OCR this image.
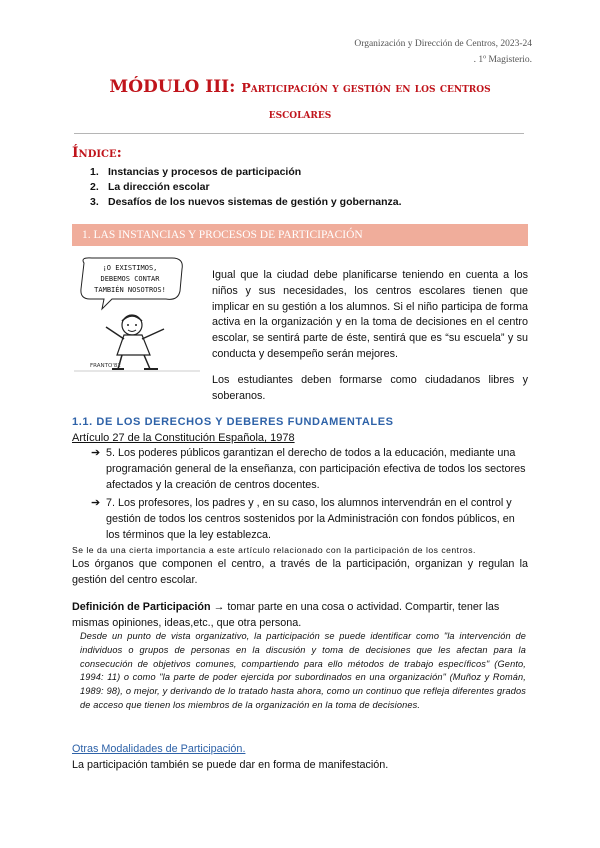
Organización y Dirección de Centros, 2023-24
. 1º Magisterio.
MÓDULO III: Participación y gestión en los centros
escolares
Índice:
1. Instancias y procesos de participación
2. La dirección escolar
3. Desafíos de los nuevos sistemas de gestión y gobernanza.
1. LAS INSTANCIAS Y PROCESOS DE PARTICIPACIÓN
¡O EXISTIMOS,
DEBEMOS CONTAR
TAMBIÉN NOSOTROS!
FRANTO'82

Igual que la ciudad debe planificarse teniendo en cuenta a los niños y sus necesidades, los centros escolares tienen que implicar en su gestión a los alumnos. Si el niño participa de forma activa en la organización y en la toma de decisiones en el centro escolar, se sentirá parte de éste, sentirá que es “su escuela” y su conducta y desempeño serán mejores.

Los estudiantes deben formarse como ciudadanos libres y soberanos.

1.1. DE LOS DERECHOS Y DEBERES FUNDAMENTALES
Artículo 27 de la Constitución Española, 1978
➔ 5. Los poderes públicos garantizan el derecho de todos a la educación, mediante una programación general de la enseñanza, con participación efectiva de todos los sectores afectados y la creación de centros docentes.
➔ 7. Los profesores, los padres y , en su caso, los alumnos intervendrán en el control y gestión de todos los centros sostenidos por la Administración con fondos públicos, en los términos que la ley establezca.
Se le da una cierta importancia a este artículo relacionado con la participación de los centros.
Los órganos que componen el centro, a través de la participación, organizan y regulan la gestión del centro escolar.
Definición de Participación → tomar parte en una cosa o actividad. Compartir, tener las mismas opiniones, ideas,etc., que otra persona.
Desde un punto de vista organizativo, la participación se puede identificar como "la intervención de individuos o grupos de personas en la discusión y toma de decisiones que les afectan para la consecución de objetivos comunes, compartiendo para ello métodos de trabajo específicos" (Gento, 1994: 11) o como "la parte de poder ejercida por subordinados en una organización" (Muñoz y Román, 1989: 98), o mejor, y derivando de lo tratado hasta ahora, como un continuo que refleja diferentes grados de acceso que tienen los miembros de la organización en la toma de decisiones.
Otras Modalidades de Participación.
La participación también se puede dar en forma de manifestación.
